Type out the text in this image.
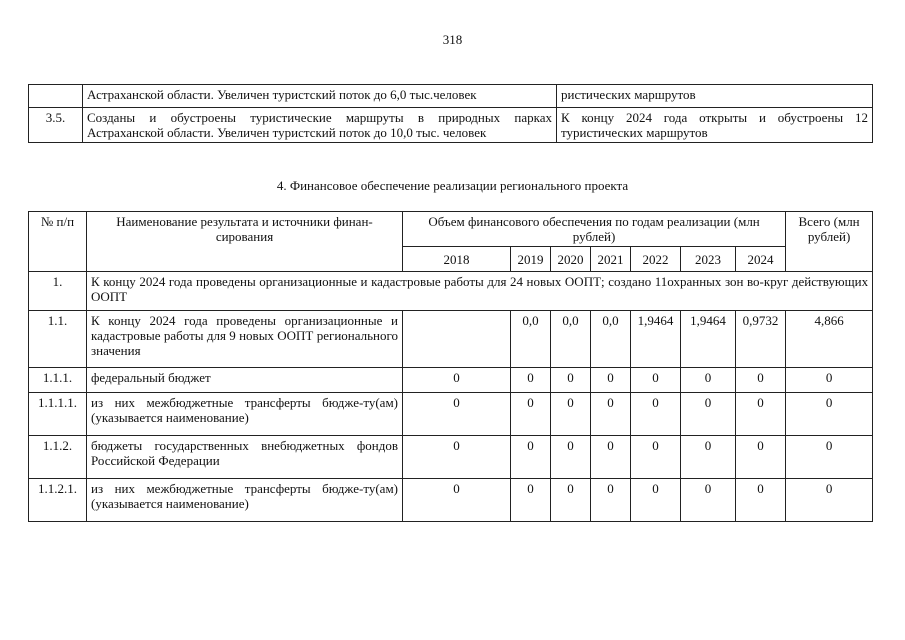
318
	Астраханской области. Увеличен туристский поток до 6,0 тыс.человек	ристических маршрутов
3.5.	Созданы и обустроены туристические маршруты в природных парках Астраханской области. Увеличен туристский поток до 10,0 тыс. человек	К концу 2024 года открыты и обустроены 12 туристических маршрутов
4. Финансовое обеспечение реализации регионального проекта
№ п/п	Наименование результата и источники финан-сирования	Объем финансового обеспечения по годам реализации (млн рублей)							Всего (млн рублей)
		2018	2019	2020	2021	2022	2023	2024	
1.	К концу 2024 года проведены организационные и кадастровые работы для 24 новых ООПТ; создано 11охранных зон во-круг действующих ООПТ								
1.1.	К концу 2024 года проведены организационные и кадастровые работы для 9 новых ООПТ регионального значения		0,0	0,0	0,0	1,9464	1,9464	0,9732	4,866
1.1.1.	федеральный бюджет	0	0	0	0	0	0	0	0
1.1.1.1.	из них межбюджетные трансферты бюдже-ту(ам) (указывается наименование)	0	0	0	0	0	0	0	0
1.1.2.	бюджеты государственных внебюджетных фондов Российской Федерации	0	0	0	0	0	0	0	0
1.1.2.1.	из них межбюджетные трансферты бюдже-ту(ам) (указывается наименование)	0	0	0	0	0	0	0	0
